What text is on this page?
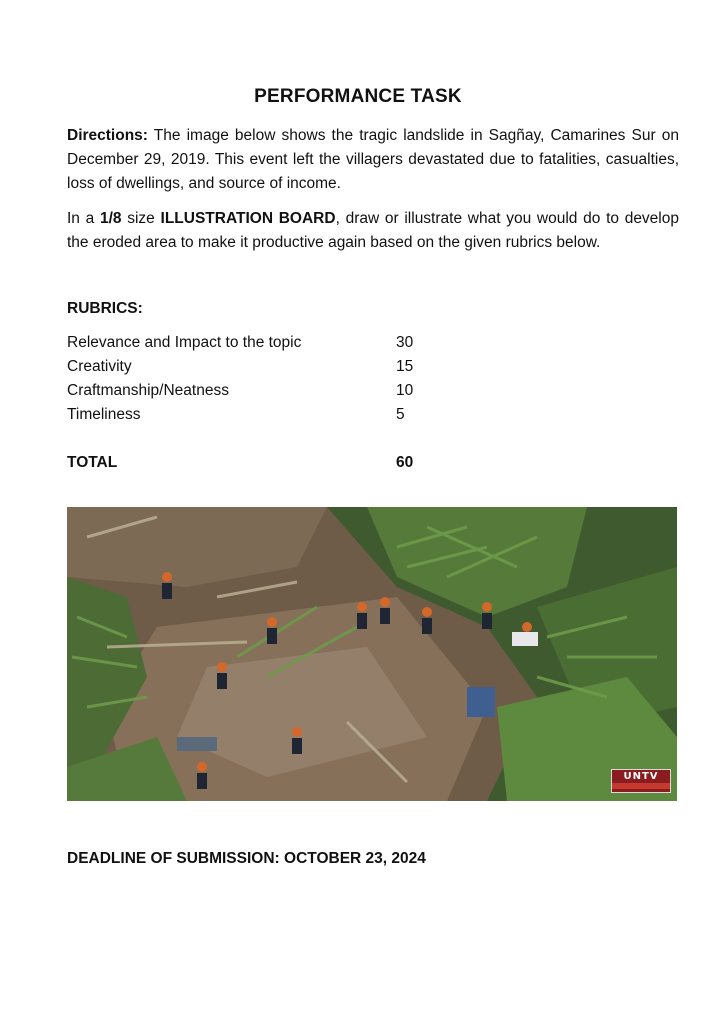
PERFORMANCE TASK
Directions: The image below shows the tragic landslide in Sagñay, Camarines Sur on December 29, 2019. This event left the villagers devastated due to fatalities, casualties, loss of dwellings, and source of income.
In a 1/8 size ILLUSTRATION BOARD, draw or illustrate what you would do to develop the eroded area to make it productive again based on the given rubrics below.
RUBRICS:
Relevance and Impact to the topic	30
Creativity	15
Craftmanship/Neatness	10
Timeliness	5
TOTAL	60
UNTV
DEADLINE OF SUBMISSION: OCTOBER 23, 2024
